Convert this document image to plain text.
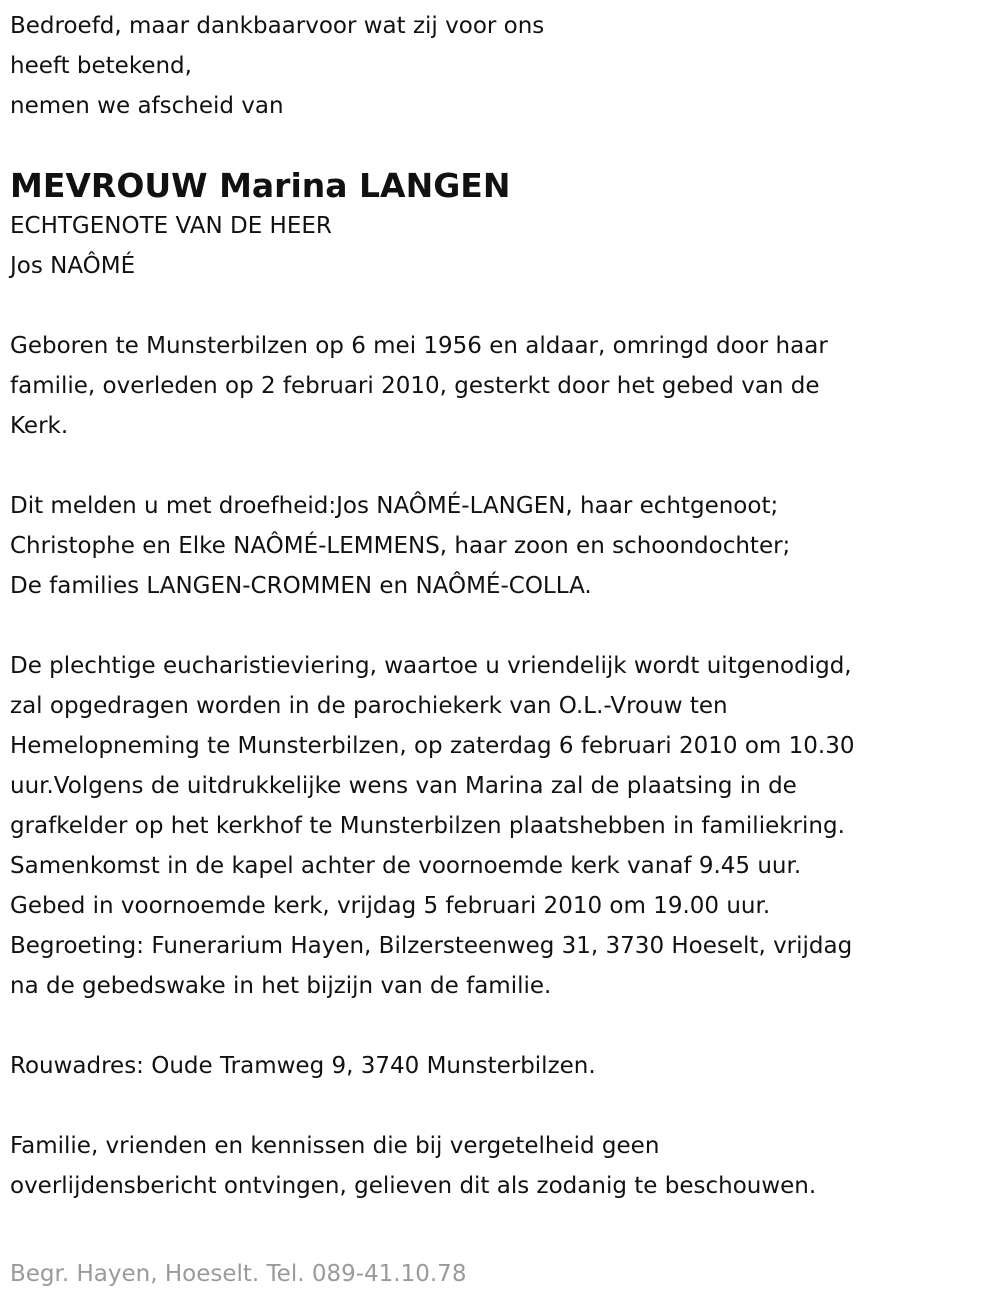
Bedroefd, maar dankbaarvoor wat zij voor ons
heeft betekend,
nemen we afscheid van
MEVROUW Marina LANGEN
ECHTGENOTE VAN DE HEER
Jos NAÔMÉ
Geboren te Munsterbilzen op 6 mei 1956 en aldaar, omringd door haar
familie, overleden op 2 februari 2010, gesterkt door het gebed van de
Kerk.
Dit melden u met droefheid:Jos NAÔMÉ-LANGEN, haar echtgenoot;
Christophe en Elke NAÔMÉ-LEMMENS, haar zoon en schoondochter;
De families LANGEN-CROMMEN en NAÔMÉ-COLLA.
De plechtige eucharistieviering, waartoe u vriendelijk wordt uitgenodigd,
zal opgedragen worden in de parochiekerk van O.L.-Vrouw ten
Hemelopneming te Munsterbilzen, op zaterdag 6 februari 2010 om 10.30
uur.Volgens de uitdrukkelijke wens van Marina zal de plaatsing in de
grafkelder op het kerkhof te Munsterbilzen plaatshebben in familiekring.
Samenkomst in de kapel achter de voornoemde kerk vanaf 9.45 uur.
Gebed in voornoemde kerk, vrijdag 5 februari 2010 om 19.00 uur.
Begroeting: Funerarium Hayen, Bilzersteenweg 31, 3730 Hoeselt, vrijdag
na de gebedswake in het bijzijn van de familie.
Rouwadres: Oude Tramweg 9, 3740 Munsterbilzen.
Familie, vrienden en kennissen die bij vergetelheid geen
overlijdensbericht ontvingen, gelieven dit als zodanig te beschouwen.
Begr. Hayen, Hoeselt. Tel. 089-41.10.78
